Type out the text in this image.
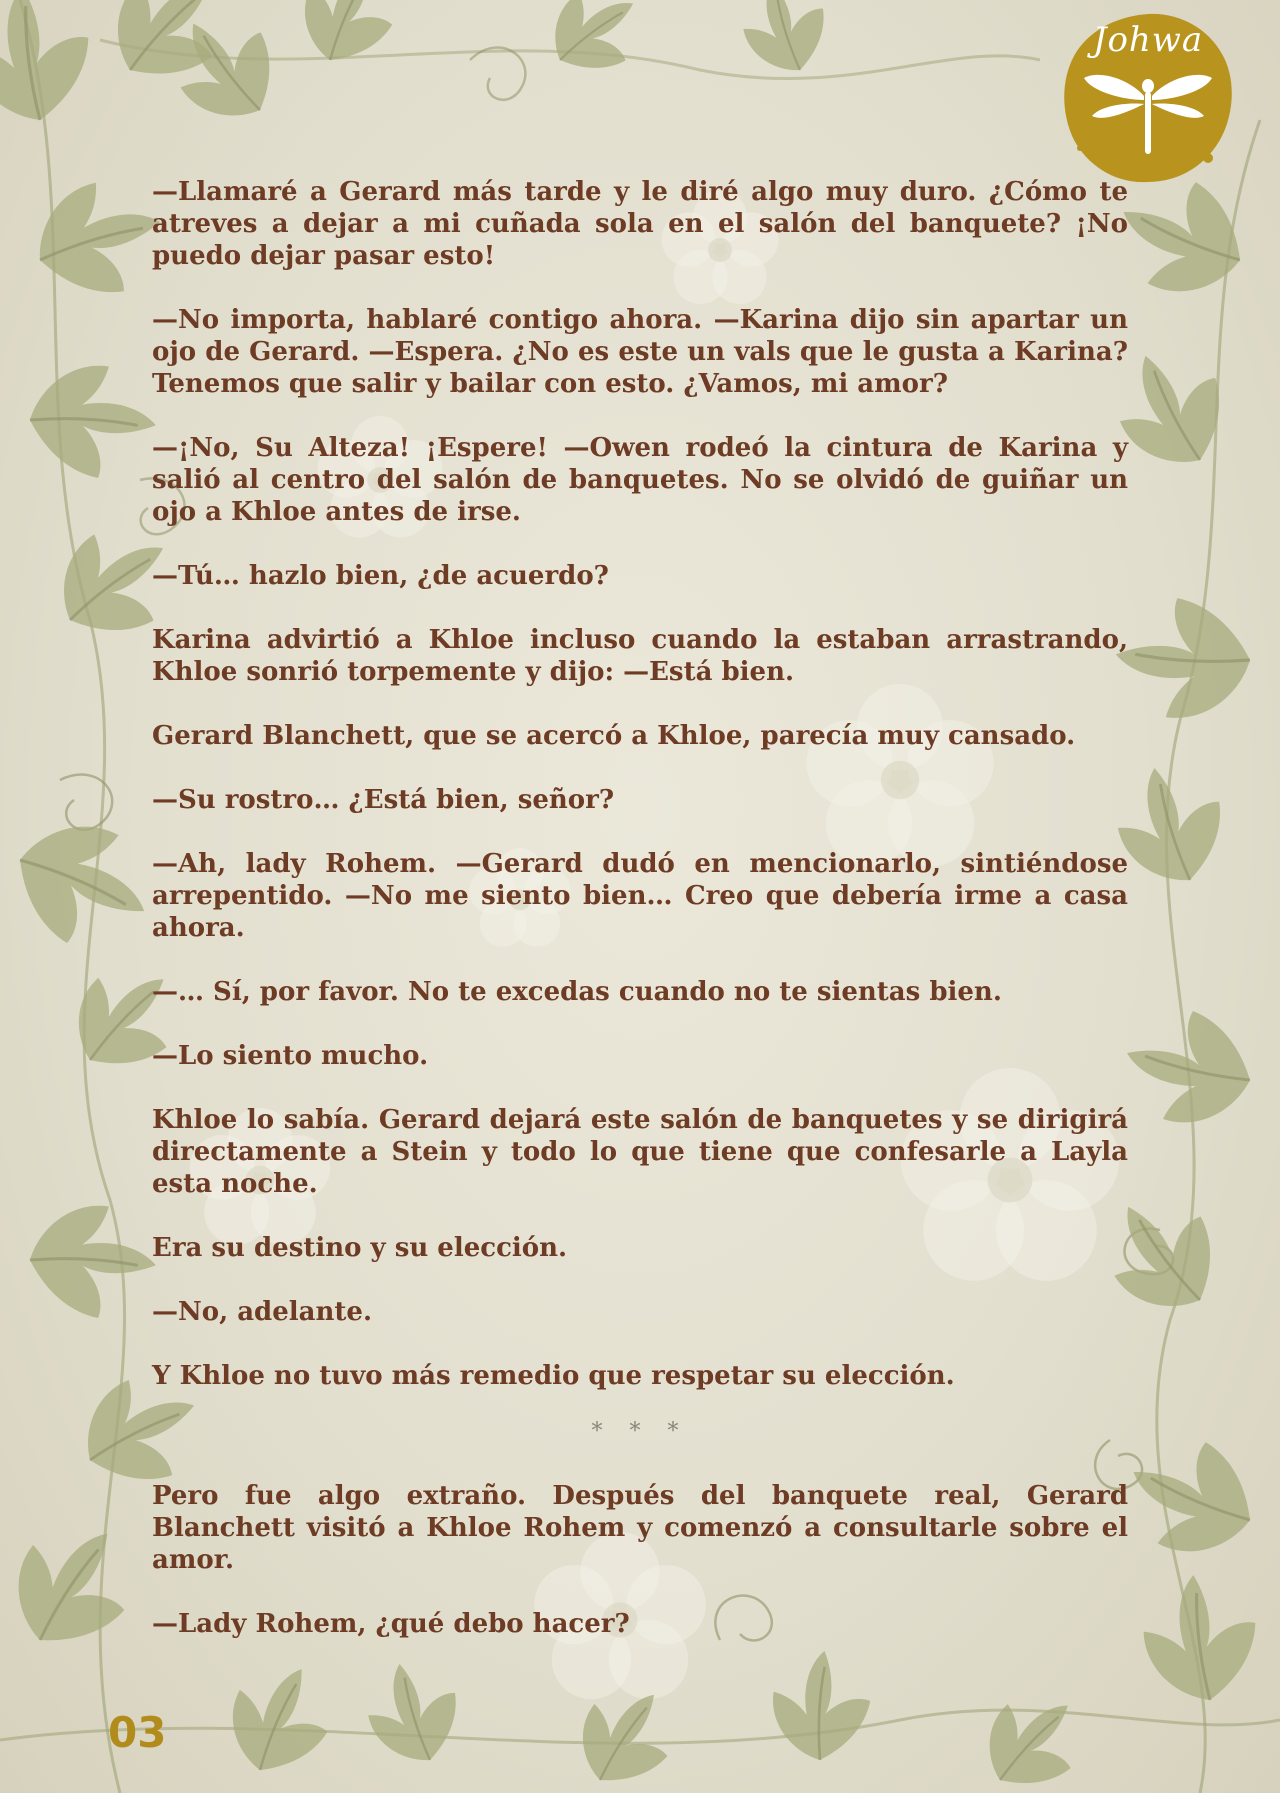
Johwa

—Llamaré a Gerard más tarde y le diré algo muy duro. ¿Cómo te atreves a dejar a mi cuñada sola en el salón del banquete? ¡No puedo dejar pasar esto!

—No importa, hablaré contigo ahora. —Karina dijo sin apartar un ojo de Gerard. —Espera. ¿No es este un vals que le gusta a Karina? Tenemos que salir y bailar con esto. ¿Vamos, mi amor?

—¡No, Su Alteza! ¡Espere! —Owen rodeó la cintura de Karina y salió al centro del salón de banquetes. No se olvidó de guiñar un ojo a Khloe antes de irse.

—Tú… hazlo bien, ¿de acuerdo?

Karina advirtió a Khloe incluso cuando la estaban arrastrando, Khloe sonrió torpemente y dijo: —Está bien.

Gerard Blanchett, que se acercó a Khloe, parecía muy cansado.

—Su rostro… ¿Está bien, señor?

—Ah, lady Rohem. —Gerard dudó en mencionarlo, sintiéndose arrepentido. —No me siento bien… Creo que debería irme a casa ahora.

—… Sí, por favor. No te excedas cuando no te sientas bien.

—Lo siento mucho.

Khloe lo sabía. Gerard dejará este salón de banquetes y se dirigirá directamente a Stein y todo lo que tiene que confesarle a Layla esta noche.

Era su destino y su elección.

—No, adelante.

Y Khloe no tuvo más remedio que respetar su elección.

* * *

Pero fue algo extraño. Después del banquete real, Gerard Blanchett visitó a Khloe Rohem y comenzó a consultarle sobre el amor.

—Lady Rohem, ¿qué debo hacer?

03
